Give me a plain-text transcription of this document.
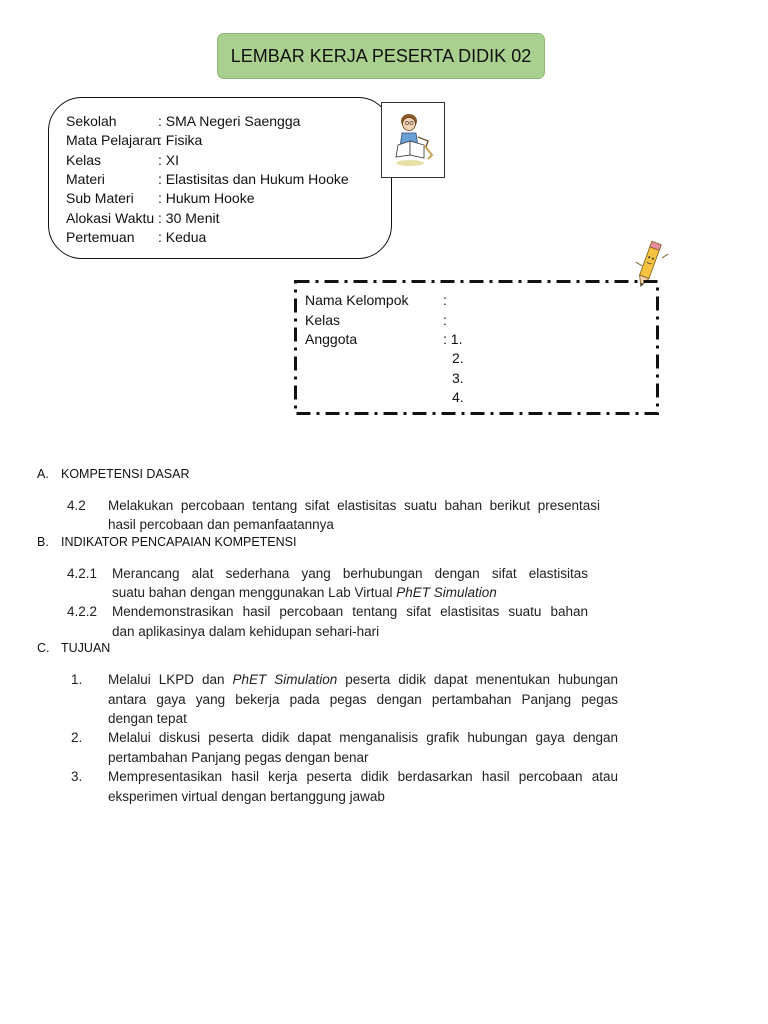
LEMBAR KERJA PESERTA DIDIK 02
Sekolah	: SMA Negeri Saengga
Mata Pelajaran: Fisika
Kelas	: XI
Materi	: Elastisitas dan Hukum Hooke
Sub Materi : Hukum Hooke
Alokasi Waktu : 30 Menit
Pertemuan : Kedua
Nama Kelompok :
Kelas	:
Anggota	: 1.
2.
3.
4.
A. KOMPETENSI DASAR
4.2 Melakukan percobaan tentang sifat elastisitas suatu bahan berikut presentasi
hasil percobaan dan pemanfaatannya
B. INDIKATOR PENCAPAIAN KOMPETENSI
4.2.1 Merancang alat sederhana yang berhubungan dengan sifat elastisitas
suatu bahan dengan menggunakan Lab Virtual PhET Simulation
4.2.2 Mendemonstrasikan hasil percobaan tentang sifat elastisitas suatu bahan
dan aplikasinya dalam kehidupan sehari-hari
C. TUJUAN
1. Melalui LKPD dan PhET Simulation peserta didik dapat menentukan hubungan
antara gaya yang bekerja pada pegas dengan pertambahan Panjang pegas
dengan tepat
2. Melalui diskusi peserta didik dapat menganalisis grafik hubungan gaya dengan
pertambahan Panjang pegas dengan benar
3. Mempresentasikan hasil kerja peserta didik berdasarkan hasil percobaan atau
eksperimen virtual dengan bertanggung jawab
